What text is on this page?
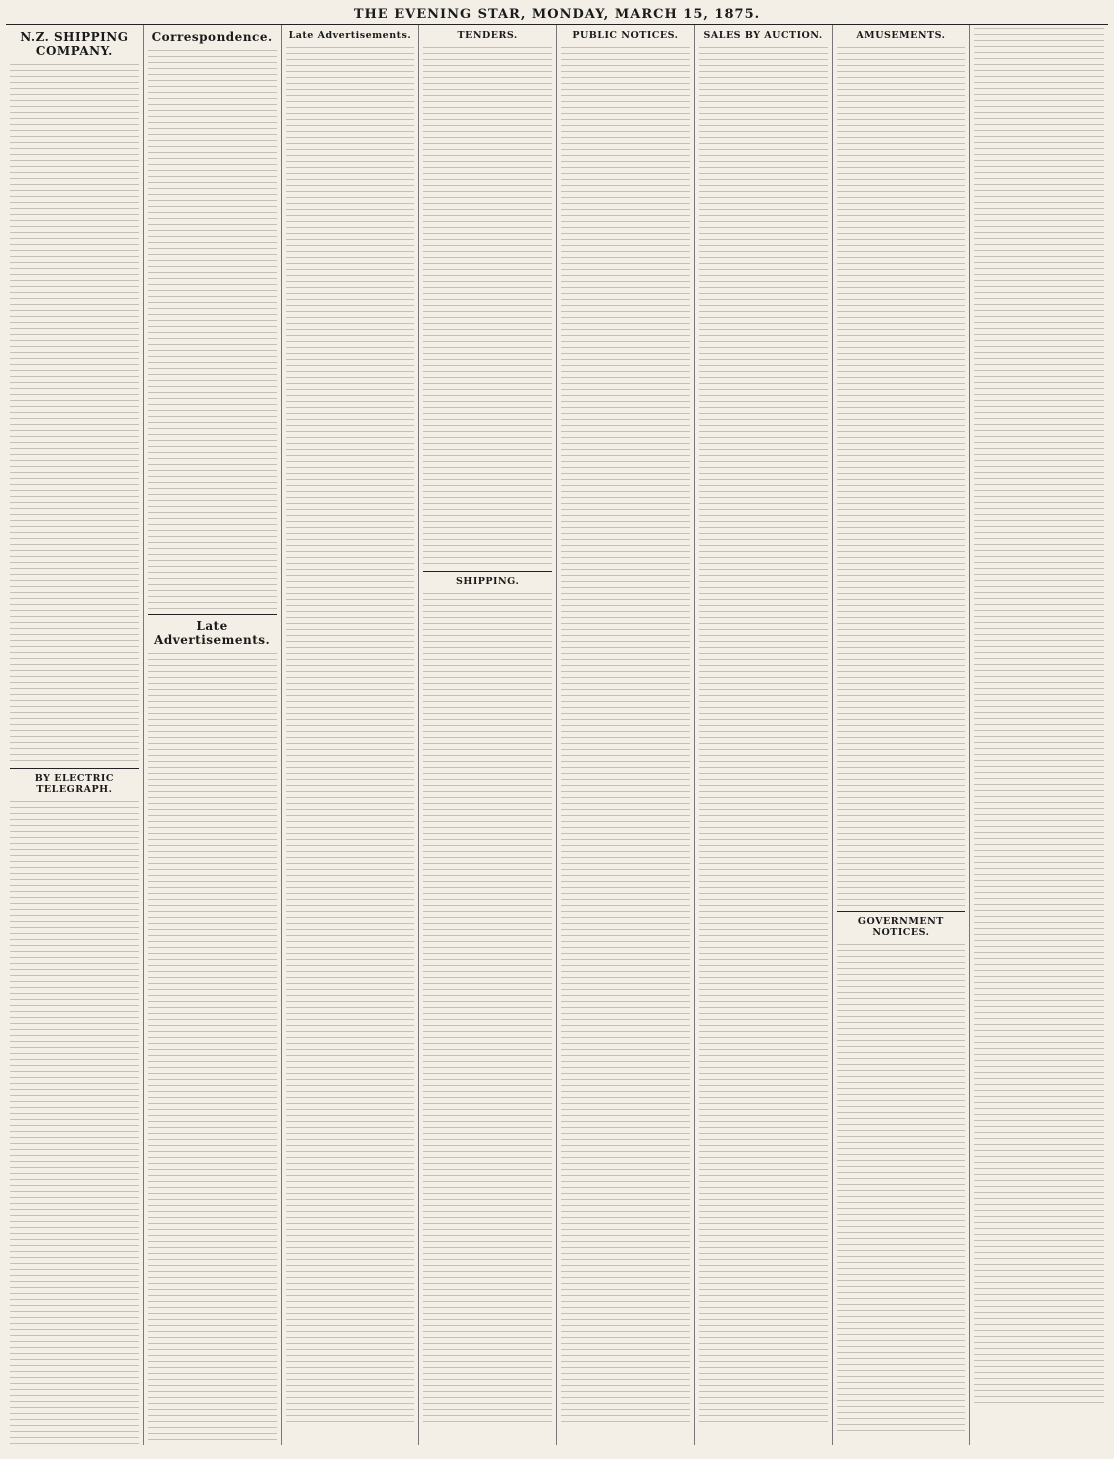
THE EVENING STAR, MONDAY, MARCH 15, 1875.
N.Z. SHIPPING COMPANY.
BY ELECTRIC TELEGRAPH.
Correspondence.
Late Advertisements.
Late Advertisements.	TENDERS.
SHIPPING.
PUBLIC NOTICES.	SALES BY AUCTION.	AMUSEMENTS.
GOVERNMENT NOTICES.
